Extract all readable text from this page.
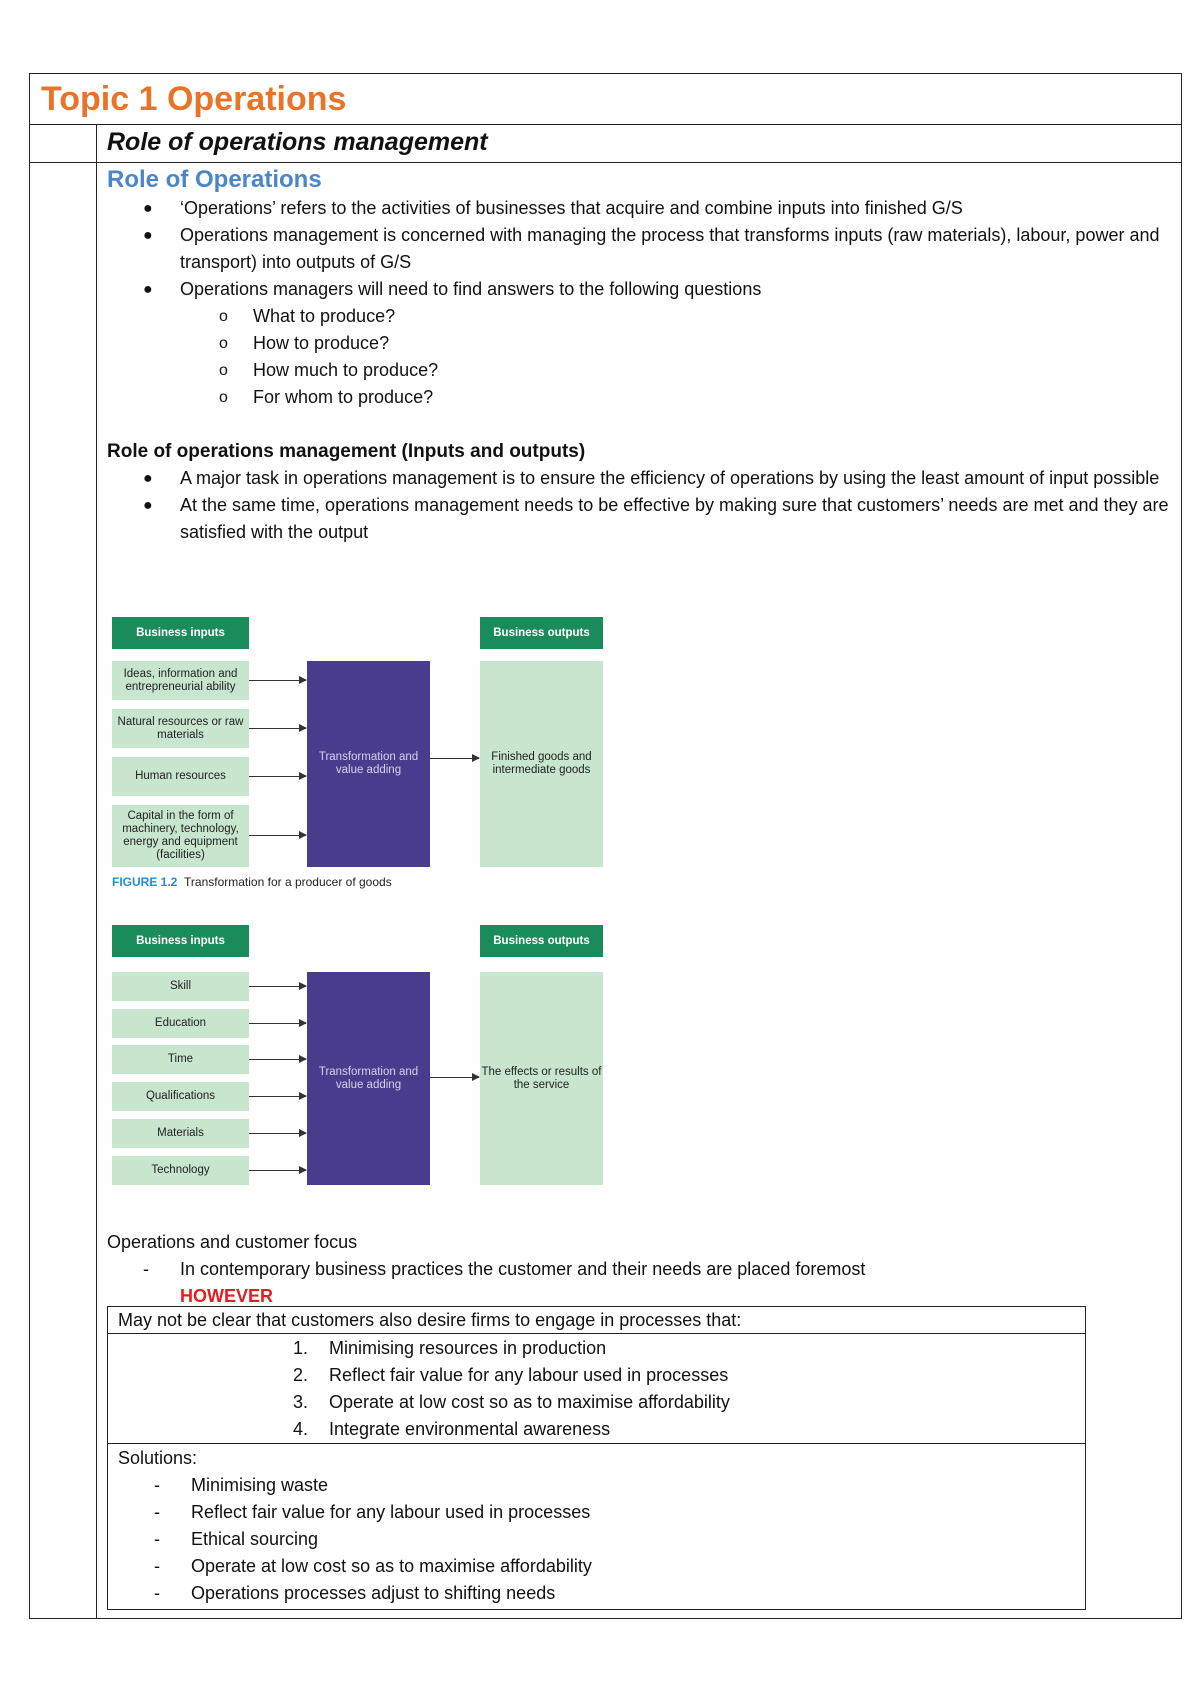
Topic 1 Operations
Role of operations management
Role of Operations
● ‘Operations’ refers to the activities of businesses that acquire and combine inputs into finished G/S
● Operations management is concerned with managing the process that transforms inputs (raw materials), labour, power and transport) into outputs of G/S
● Operations managers will need to find answers to the following questions
o What to produce?
o How to produce?
o How much to produce?
o For whom to produce?
Role of operations management (Inputs and outputs)
● A major task in operations management is to ensure the efficiency of operations by using the least amount of input possible
● At the same time, operations management needs to be effective by making sure that customers’ needs are met and they are satisfied with the output
Business inputs	Business outputs
Ideas, information and entrepreneurial ability
Natural resources or raw materials
Human resources
Capital in the form of machinery, technology, energy and equipment (facilities)
Transformation and value adding
Finished goods and intermediate goods
FIGURE 1.2 Transformation for a producer of goods
Business inputs	Business outputs
Skill
Education
Time
Qualifications
Materials
Technology
Transformation and value adding
The effects or results of the service
Operations and customer focus
- In contemporary business practices the customer and their needs are placed foremost
HOWEVER
May not be clear that customers also desire firms to engage in processes that:
1. Minimising resources in production
2. Reflect fair value for any labour used in processes
3. Operate at low cost so as to maximise affordability
4. Integrate environmental awareness
Solutions:
- Minimising waste
- Reflect fair value for any labour used in processes
- Ethical sourcing
- Operate at low cost so as to maximise affordability
- Operations processes adjust to shifting needs
